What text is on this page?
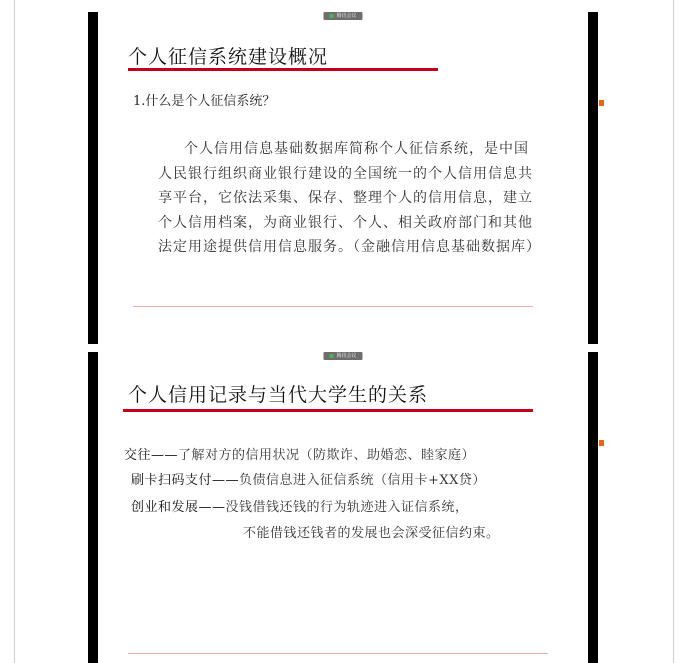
腾讯会议
个人征信系统建设概况
1.什么是个人征信系统？
个人信用信息基础数据库简称个人征信系统，是中国人民银行组织商业银行建设的全国统一的个人信用信息共享平台，它依法采集、保存、整理个人的信用信息，建立个人信用档案，为商业银行、个人、相关政府部门和其他法定用途提供信用信息服务。（金融信用信息基础数据库）
腾讯会议
个人信用记录与当代大学生的关系
交往——了解对方的信用状况（防欺诈、助婚恋、睦家庭）
刷卡扫码支付——负债信息进入征信系统（信用卡+XX贷）
创业和发展——没钱借钱还钱的行为轨迹进入证信系统，
不能借钱还钱者的发展也会深受征信约束。
